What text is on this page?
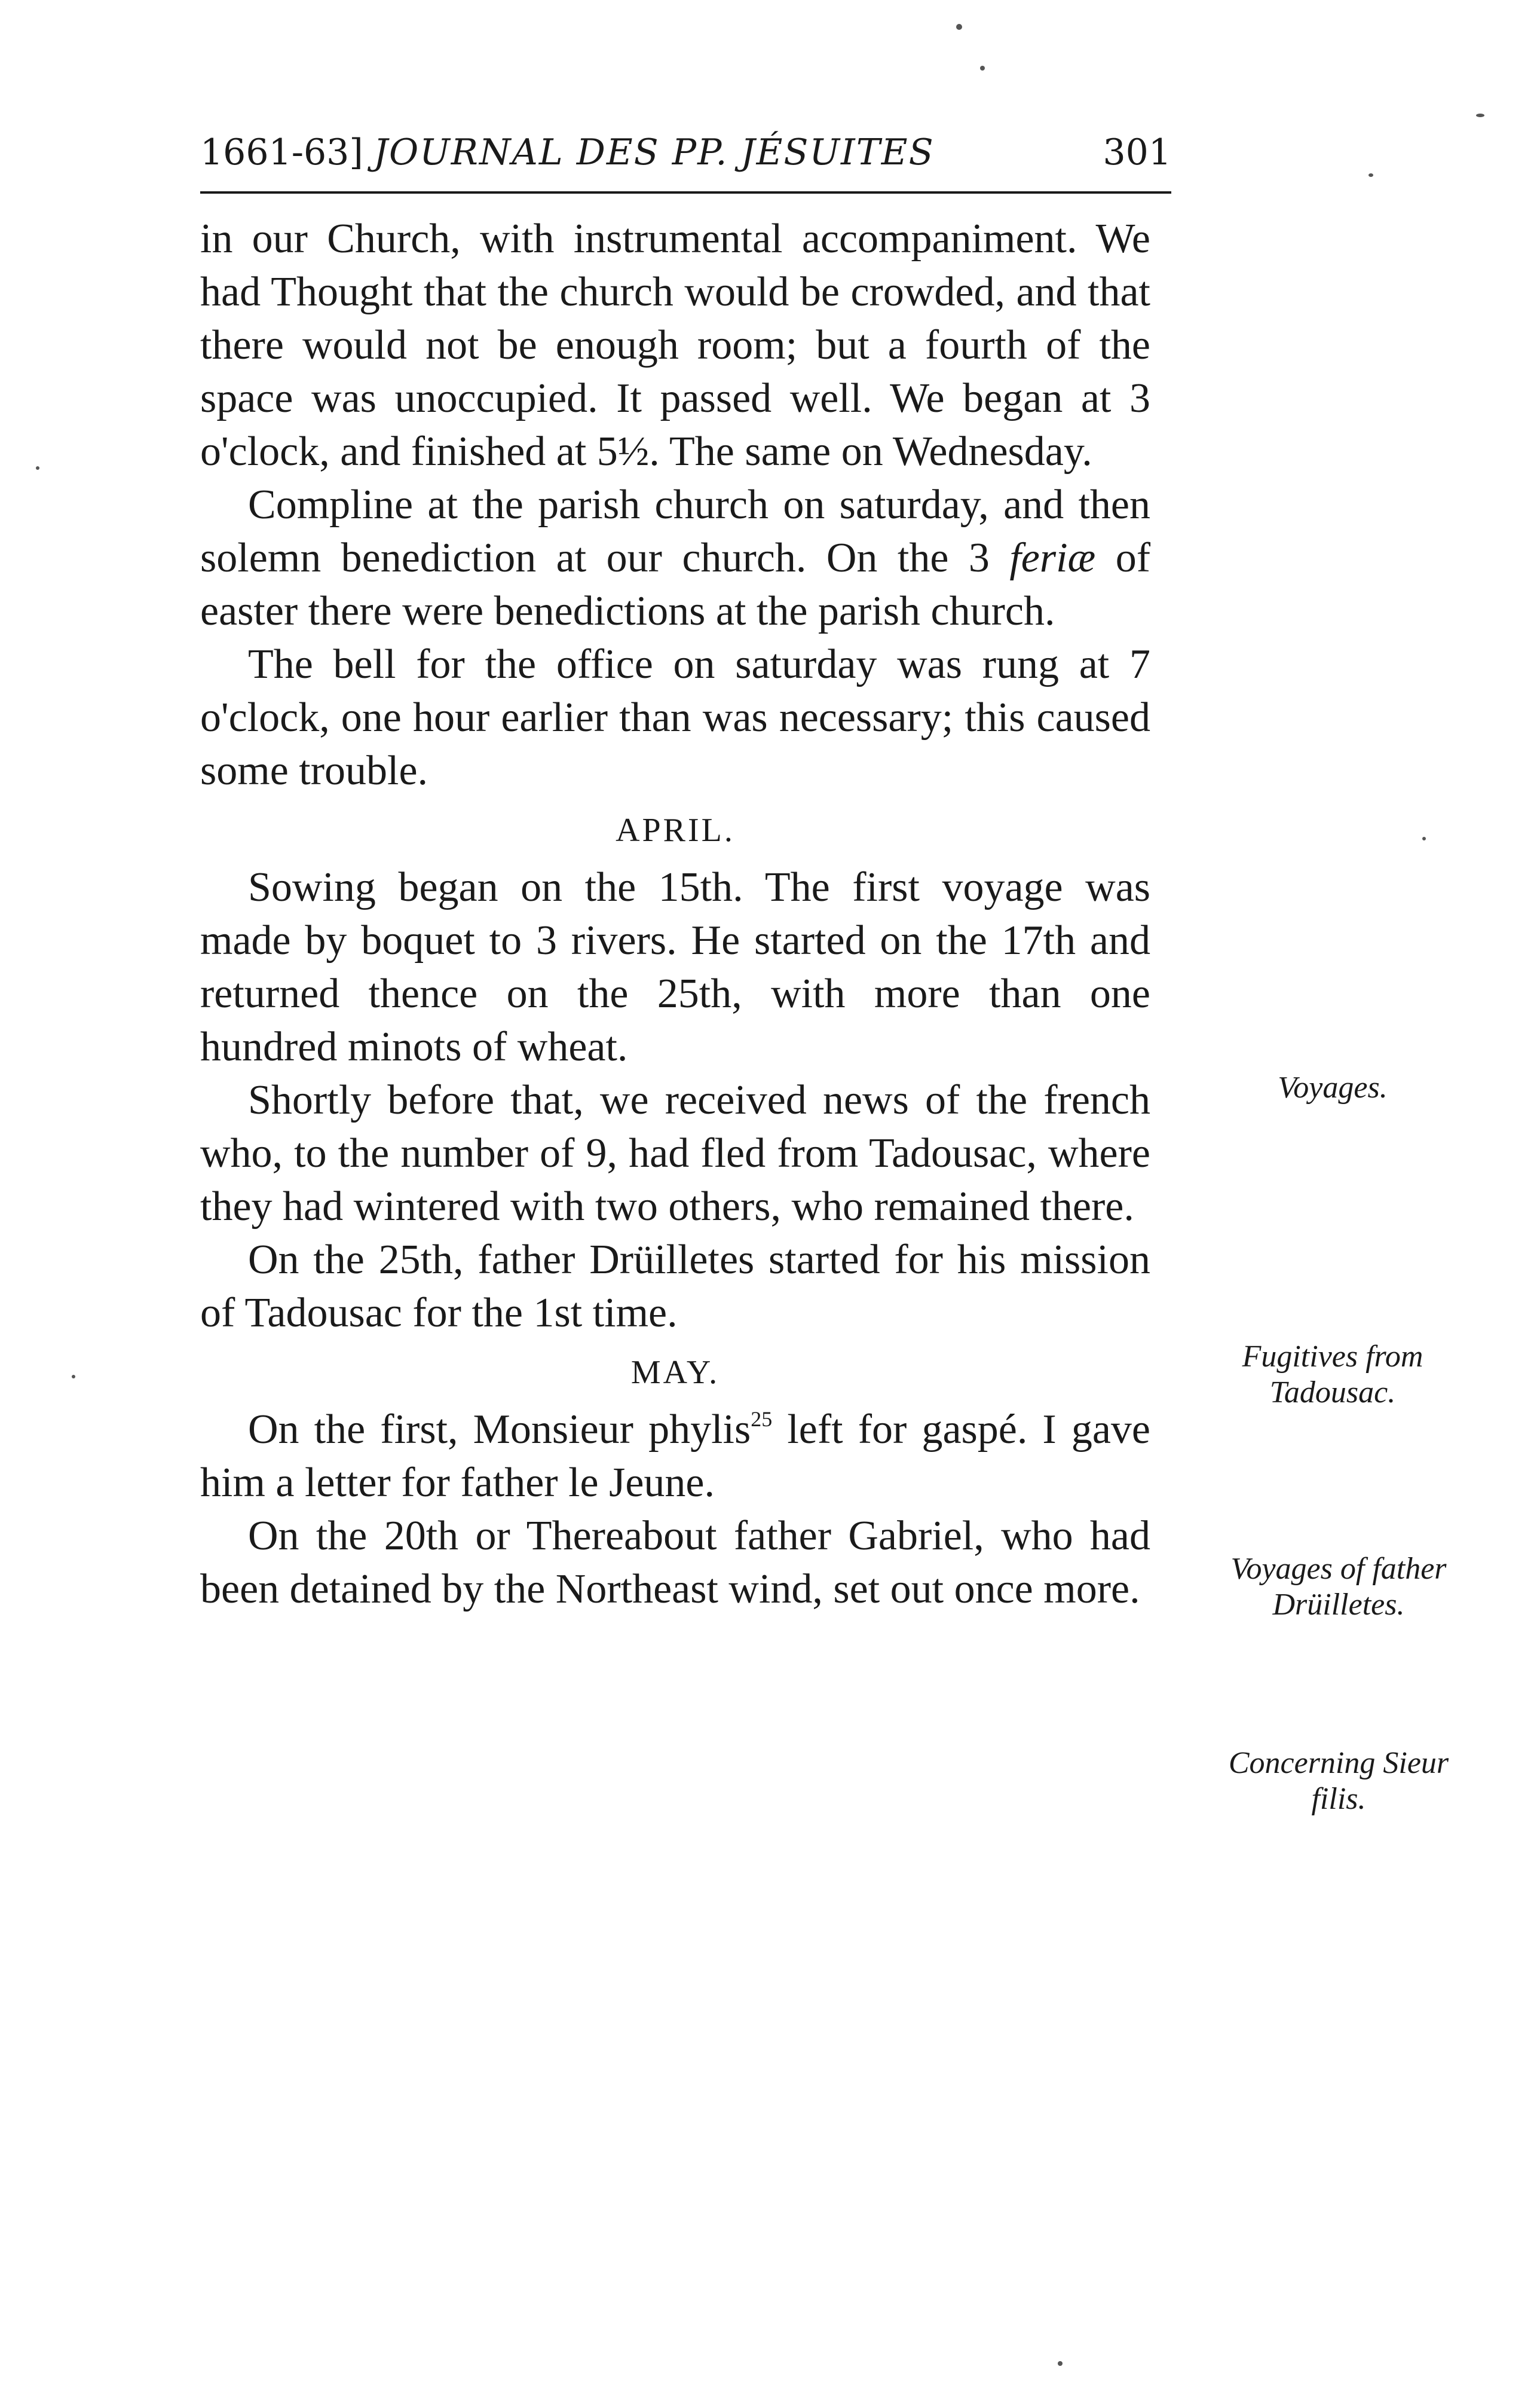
1661-63] JOURNAL DES PP. JÉSUITES	301

in our Church, with instrumental accompaniment. We had Thought that the church would be crowded, and that there would not be enough room; but a fourth of the space was unoccupied. It passed well. We began at 3 o'clock, and finished at 5½. The same on Wednesday.

Compline at the parish church on saturday, and then solemn benediction at our church. On the 3 feriæ of easter there were benedictions at the parish church.

The bell for the office on saturday was rung at 7 o'clock, one hour earlier than was necessary; this caused some trouble.

APRIL.

Sowing began on the 15th. The first voyage was made by boquet to 3 rivers. He started on the 17th and returned thence on the 25th, with more than one hundred minots of wheat.

Shortly before that, we received news of the french who, to the number of 9, had fled from Tadousac, where they had wintered with two others, who remained there.

On the 25th, father Drüilletes started for his mission of Tadousac for the 1st time.

MAY.

On the first, Monsieur phylis$^{25}$ left for gaspé. I gave him a letter for father le Jeune.

On the 20th or Thereabout father Gabriel, who had been detained by the Northeast wind, set out once more.

Voyages.
Fugitives from
Tadousac.
Voyages of father
Drüilletes.
Concerning Sieur
filis.
